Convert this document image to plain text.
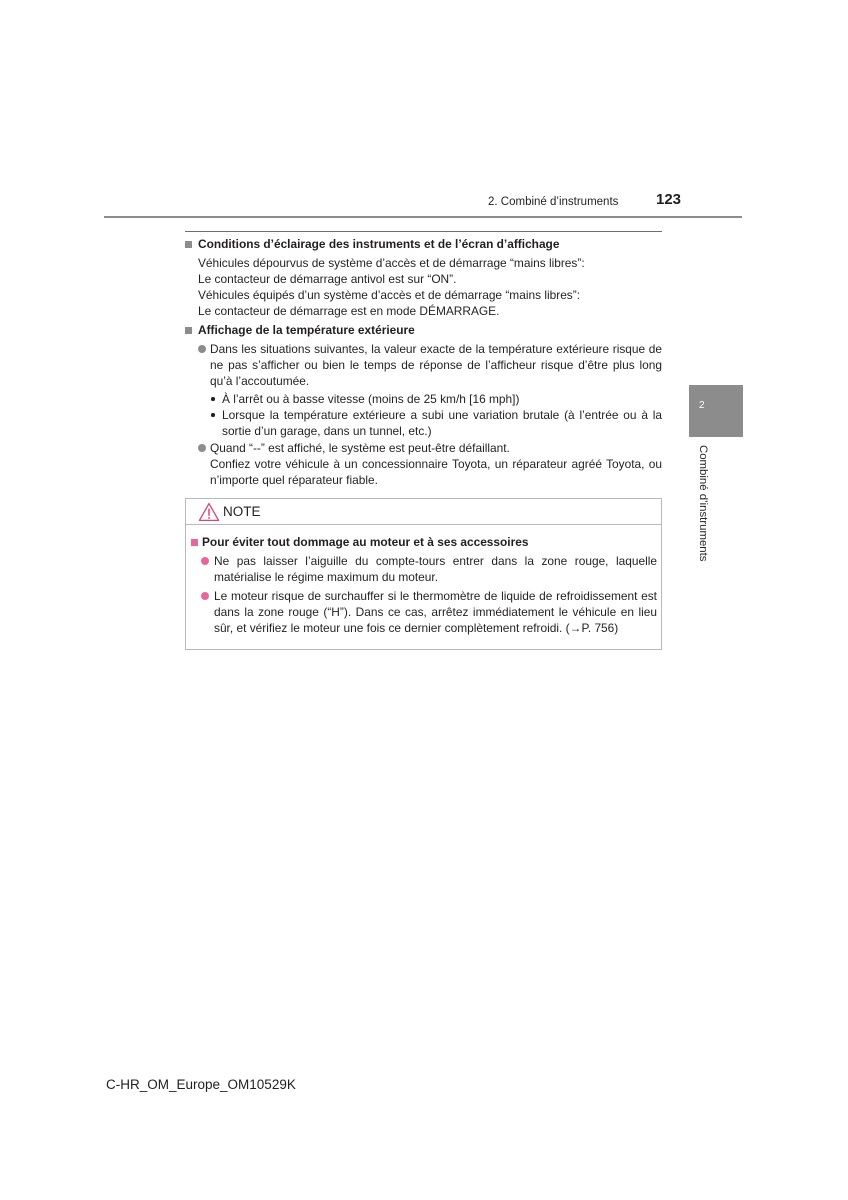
2. Combiné d’instruments	123
Conditions d’éclairage des instruments et de l’écran d’affichage
Véhicules dépourvus de système d’accès et de démarrage “mains libres”:
Le contacteur de démarrage antivol est sur “ON”.
Véhicules équipés d’un système d’accès et de démarrage “mains libres”:
Le contacteur de démarrage est en mode DÉMARRAGE.
Affichage de la température extérieure
Dans les situations suivantes, la valeur exacte de la température extérieure risque de ne pas s’afficher ou bien le temps de réponse de l’afficheur risque d’être plus long qu’à l’accoutumée.
À l’arrêt ou à basse vitesse (moins de 25 km/h [16 mph])
Lorsque la température extérieure a subi une variation brutale (à l’entrée ou à la sortie d’un garage, dans un tunnel, etc.)
Quand “--” est affiché, le système est peut-être défaillant.
Confiez votre véhicule à un concessionnaire Toyota, un réparateur agréé Toyota, ou n’importe quel réparateur fiable.
NOTE
Pour éviter tout dommage au moteur et à ses accessoires
Ne pas laisser l’aiguille du compte-tours entrer dans la zone rouge, laquelle matérialise le régime maximum du moteur.
Le moteur risque de surchauffer si le thermomètre de liquide de refroidissement est dans la zone rouge (“H”). Dans ce cas, arrêtez immédiatement le véhicule en lieu sûr, et vérifiez le moteur une fois ce dernier complètement refroidi. (→P. 756)
2
Combiné d’instruments
C-HR_OM_Europe_OM10529K
